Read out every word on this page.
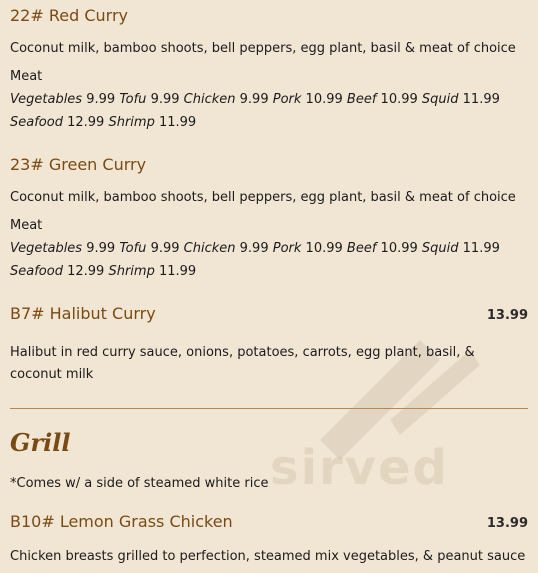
sirved
22# Red Curry
Coconut milk, bamboo shoots, bell peppers, egg plant, basil & meat of choice
Meat
Vegetables 9.99 Tofu 9.99 Chicken 9.99 Pork 10.99 Beef 10.99 Squid 11.99
Seafood 12.99 Shrimp 11.99
23# Green Curry
Coconut milk, bamboo shoots, bell peppers, egg plant, basil & meat of choice
Meat
Vegetables 9.99 Tofu 9.99 Chicken 9.99 Pork 10.99 Beef 10.99 Squid 11.99
Seafood 12.99 Shrimp 11.99
B7# Halibut Curry	13.99
Halibut in red curry sauce, onions, potatoes, carrots, egg plant, basil, & coconut milk
Grill
*Comes w/ a side of steamed white rice
B10# Lemon Grass Chicken	13.99
Chicken breasts grilled to perfection, steamed mix vegetables, & peanut sauce
